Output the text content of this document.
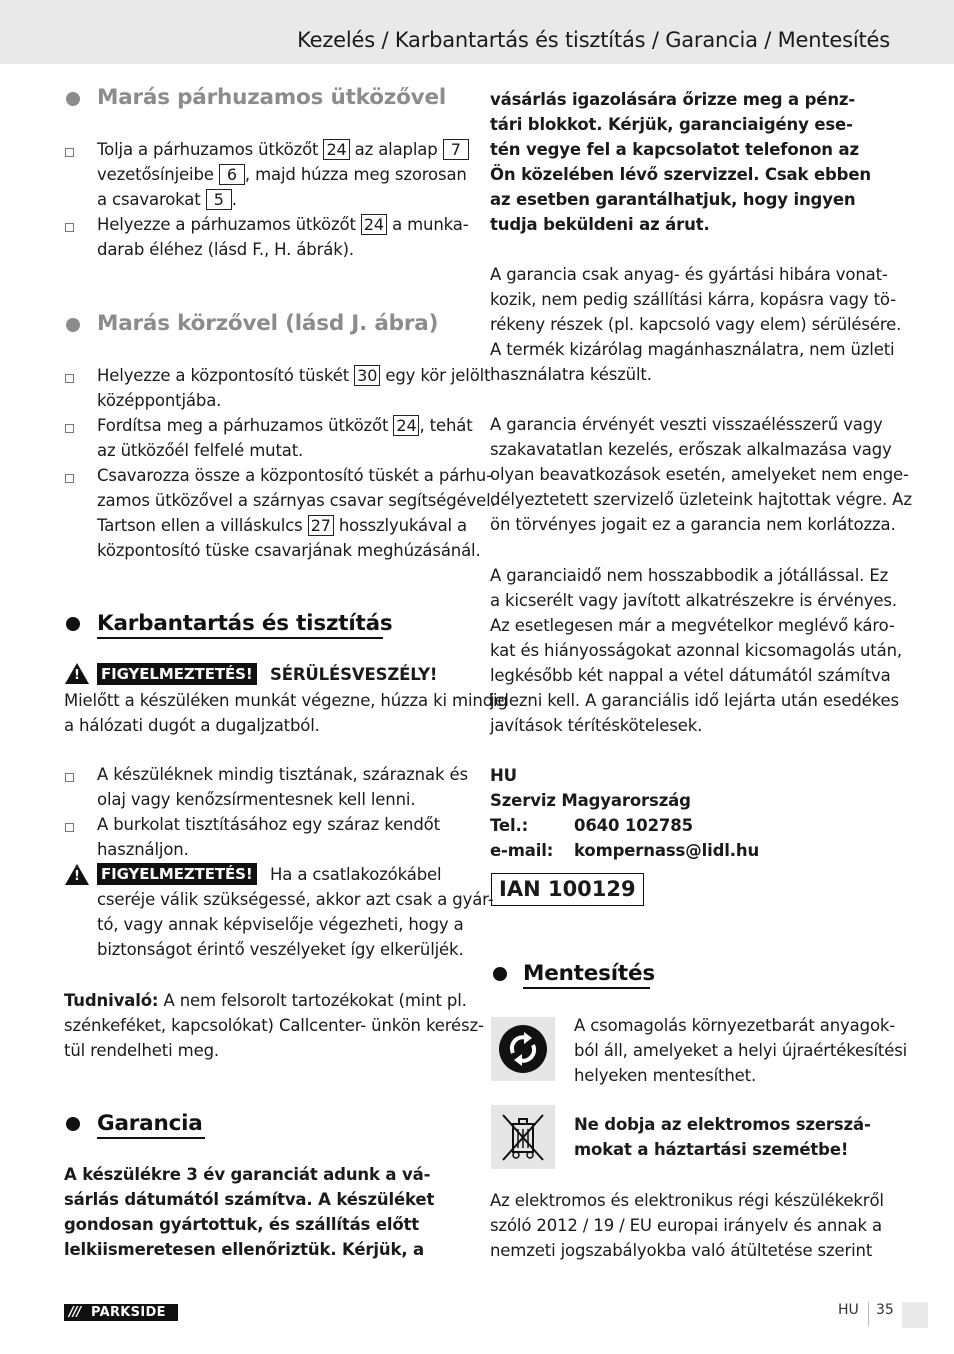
Kezelés / Karbantartás és tisztítás / Garancia / Mentesítés
Marás párhuzamos ütközővel
Tolja a párhuzamos ütközőt 24 az alaplap 7
vezetősínjeibe 6 , majd húzza meg szorosan
a csavarokat 5 .
Helyezze a párhuzamos ütközőt 24 a munka-
darab éléhez (lásd F., H. ábrák).
Marás körzővel (lásd J. ábra)
Helyezze a központosító tüskét 30 egy kör jelölt
középpontjába.
Fordítsa meg a párhuzamos ütközőt 24 , tehát
az ütközőél felfelé mutat.
Csavarozza össze a központosító tüskét a párhu-
zamos ütközővel a szárnyas csavar segítségével.
Tartson ellen a villáskulcs 27 hosszlyukával a
központosító tüske csavarjának meghúzásánál.
Karbantartás és tisztítás
! FIGYELMEZTETÉS! SÉRÜLÉSVESZÉLY!
Mielőtt a készüléken munkát végezne, húzza ki mindig
a hálózati dugót a dugaljzatból.
A készüléknek mindig tisztának, száraznak és
olaj vagy kenőzsírmentesnek kell lenni.
A burkolat tisztításához egy száraz kendőt
használjon.
! FIGYELMEZTETÉS! Ha a csatlakozókábel
cseréje válik szükségessé, akkor azt csak a gyár-
tó, vagy annak képviselője végezheti, hogy a
biztonságot érintő veszélyeket így elkerüljék.
Tudnivaló: A nem felsorolt tartozékokat (mint pl.
szénkeféket, kapcsolókat) Callcenter- ünkön kerész-
tül rendelheti meg.
Garancia
A készülékre 3 év garanciát adunk a vá-
sárlás dátumától számítva. A készüléket
gondosan gyártottuk, és szállítás előtt
lelkiismeretesen ellenőriztük. Kérjük, a
vásárlás igazolására őrizze meg a pénz-
tári blokkot. Kérjük, garanciaigény ese-
tén vegye fel a kapcsolatot telefonon az
Ön közelében lévő szervizzel. Csak ebben
az esetben garantálhatjuk, hogy ingyen
tudja beküldeni az árut.
A garancia csak anyag- és gyártási hibára vonat-
kozik, nem pedig szállítási kárra, kopásra vagy tö-
rékeny részek (pl. kapcsoló vagy elem) sérülésére.
A termék kizárólag magánhasználatra, nem üzleti
használatra készült.
A garancia érvényét veszti visszaélésszerű vagy
szakavatatlan kezelés, erőszak alkalmazása vagy
olyan beavatkozások esetén, amelyeket nem enge-
délyeztetett szervizelő üzleteink hajtottak végre. Az
ön törvényes jogait ez a garancia nem korlátozza.
A garanciaidő nem hosszabbodik a jótállással. Ez
a kicserélt vagy javított alkatrészekre is érvényes.
Az esetlegesen már a megvételkor meglévő káro-
kat és hiányosságokat azonnal kicsomagolás után,
legkésőbb két nappal a vétel dátumától számítva
jelezni kell. A garanciális idő lejárta után esedékes
javítások térítéskötelesek.
HU
Szerviz Magyarország
Tel.:	0640 102785
e-mail: kompernass@lidl.hu
IAN 100129
Mentesítés
A csomagolás környezetbarát anyagok-
ból áll, amelyeket a helyi újraértékesítési
helyeken mentesíthet.
Ne dobja az elektromos szerszá-
mokat a háztartási szemétbe!
Az elektromos és elektronikus régi készülékekről
szóló 2012 / 19 / EU europai irányelv és annak a
nemzeti jogszabályokba való átültetése szerint
/// PARKSIDE	HU 35
